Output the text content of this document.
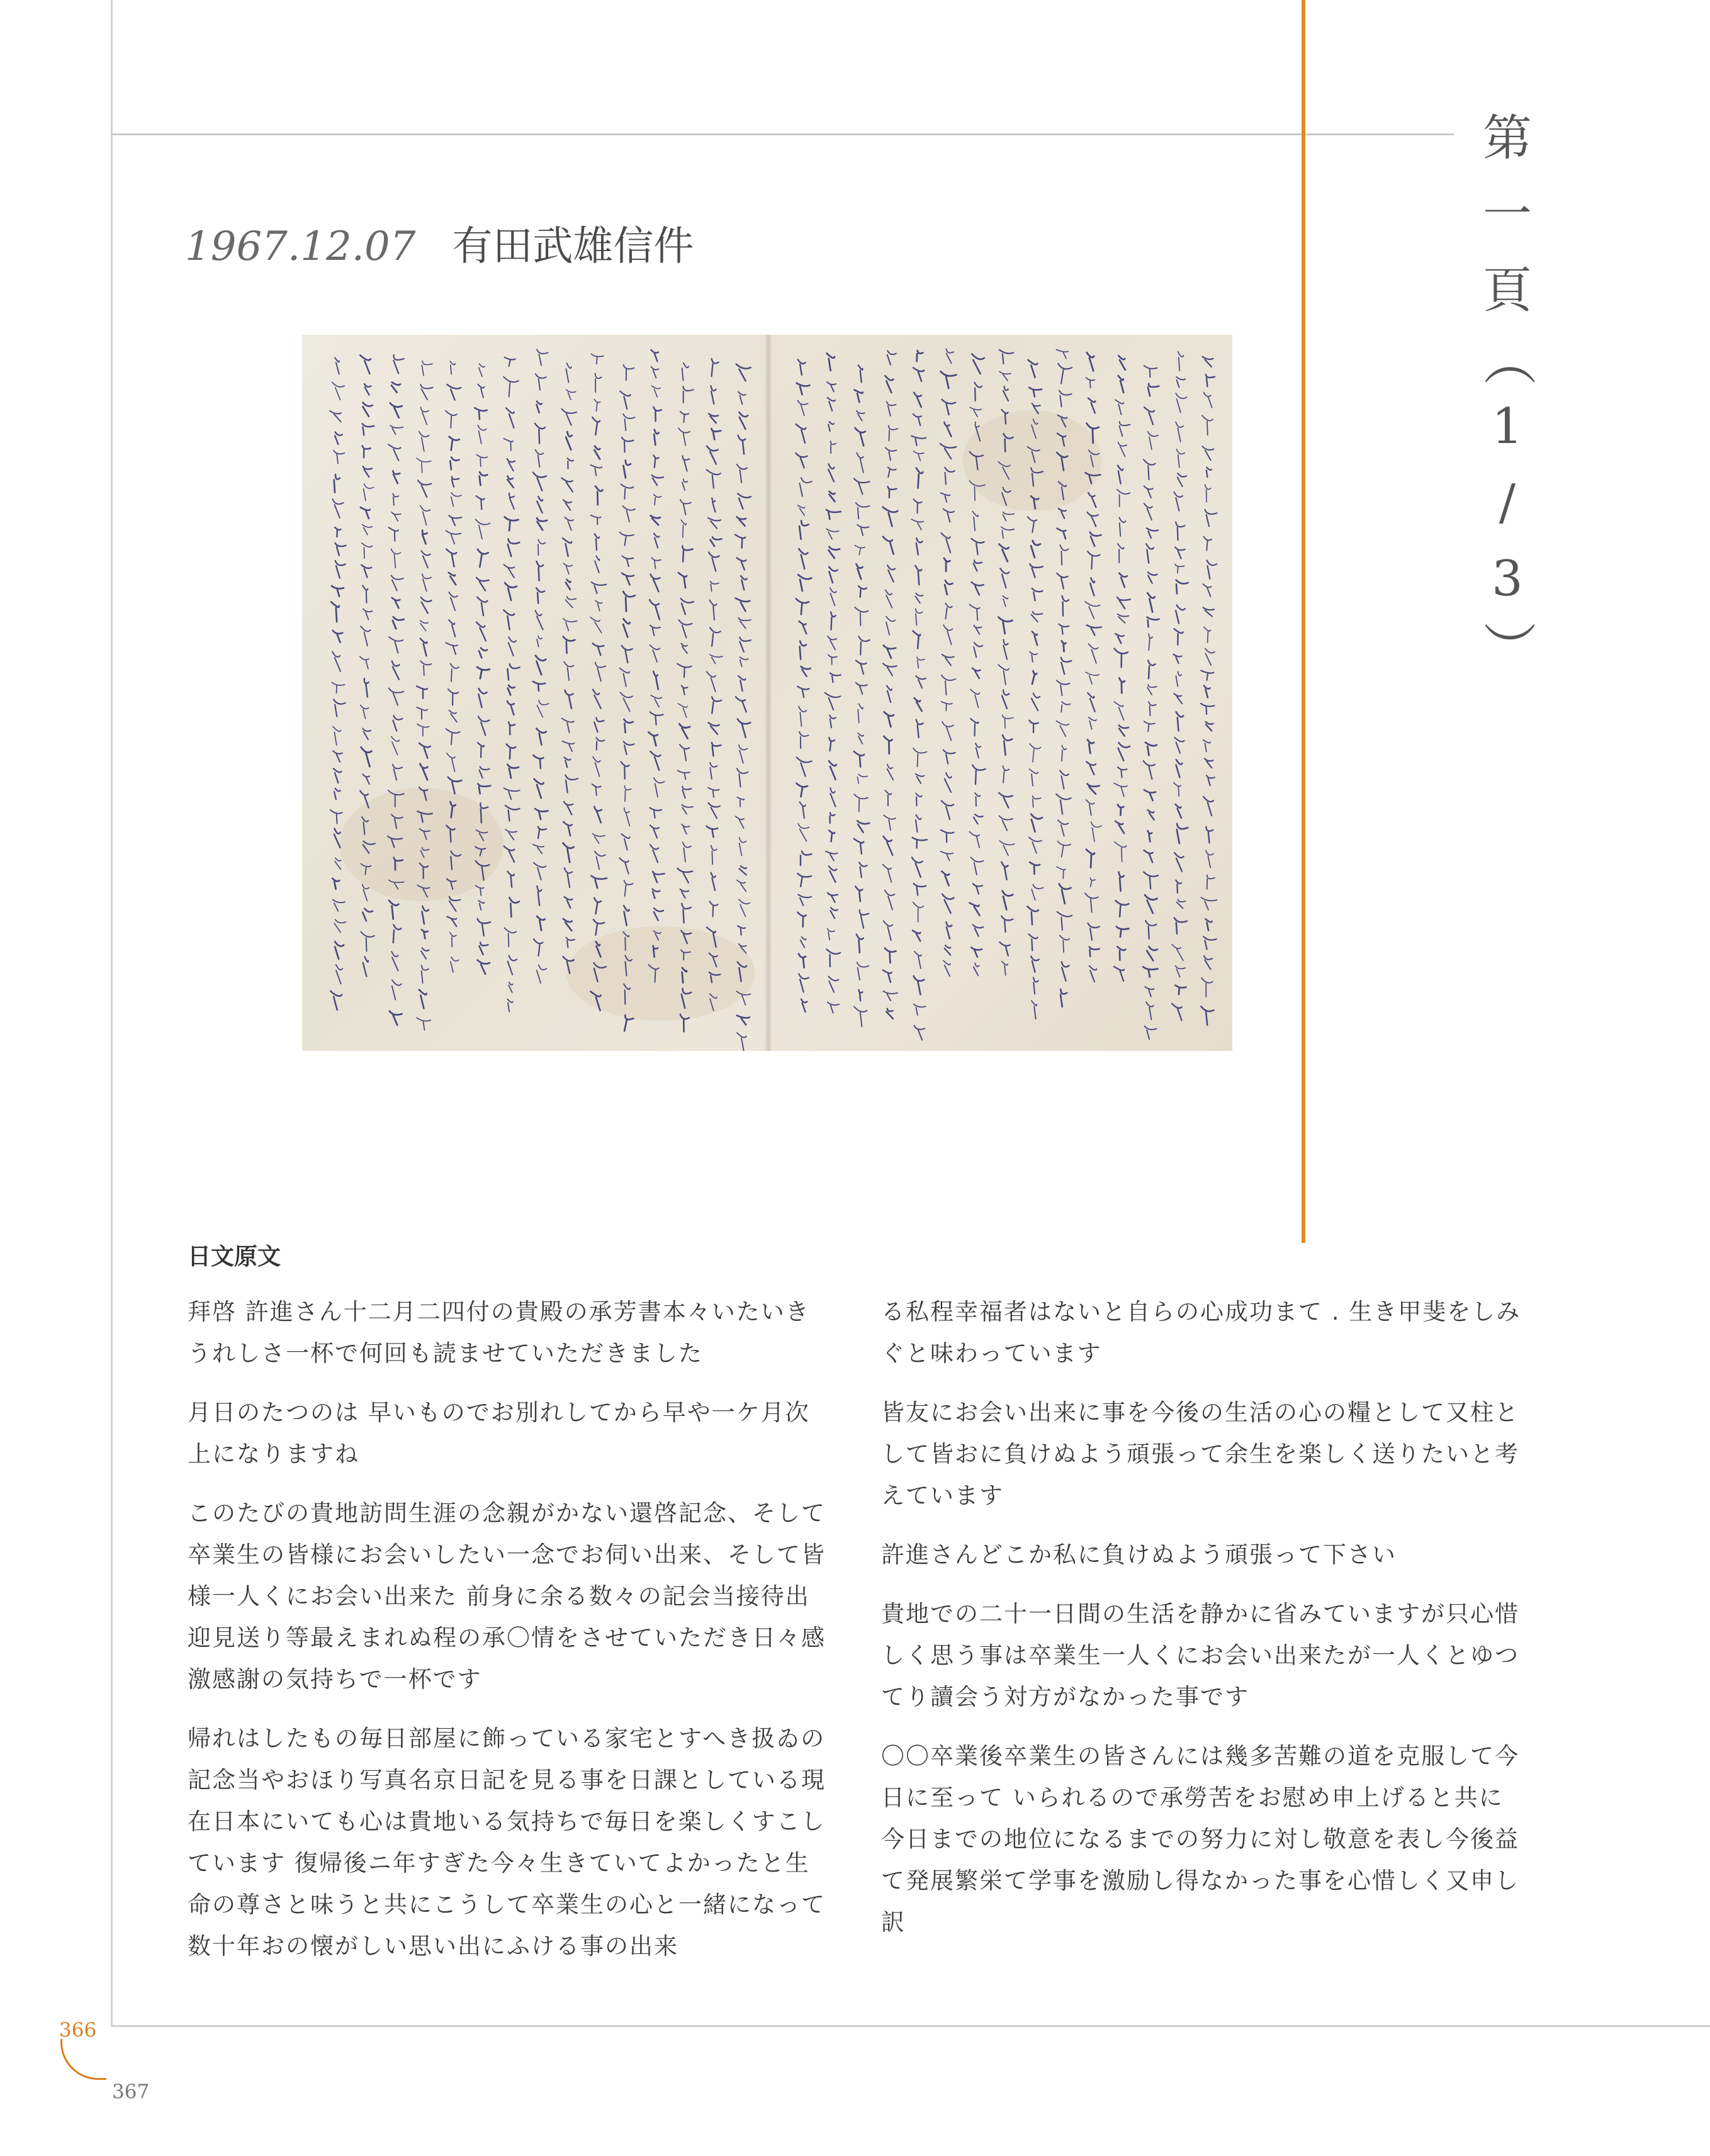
第
一
頁
（
1
/
3
）
1967.12.07 有田武雄信件
日文原文

拜啓 許進さん十二月二四付の貴殿の承芳書本々いたいきうれしさ一杯で何回も読ませていただきました

月日のたつのは 早いものでお別れしてから早や一ケ月次上になりますね

このたびの貴地訪問生涯の念親がかない還啓記念、そして卒業生の皆様にお会いしたい一念でお伺い出来、そして皆様一人くにお会い出来た 前身に余る数々の記会当接待出迎見送り等最えまれぬ程の承〇情をさせていただき日々感激感謝の気持ちで一杯です

帰れはしたもの毎日部屋に飾っている家宅とすへき扱ゐの記念当やおほり写真名京日記を見る事を日課としている現在日本にいても心は貴地いる気持ちで毎日を楽しくすこしています 復帰後ニ年すぎた今々生きていてよかったと生命の尊さと味うと共にこうして卒業生の心と一緒になって数十年おの懐がしい思い出にふける事の出来

る私程幸福者はないと自らの心成功まて . 生き甲斐をしみぐと味わっています

皆友にお会い出来に事を今後の生活の心の糧として又柱として皆おに負けぬよう頑張って余生を楽しく送りたいと考えています

許進さんどこか私に負けぬよう頑張って下さい

貴地での二十一日間の生活を静かに省みていますが只心惜しく思う事は卒業生一人くにお会い出来たが一人くとゆつてり讀会う対方がなかった事です

〇〇卒業後卒業生の皆さんには幾多苦難の道を克服して今日に至って いられるので承勞苦をお慰め申上げると共に今日までの地位になるまでの努力に対し敬意を表し今後益て発展繁栄て学事を激励し得なかった事を心惜しく又申し訳

366
367
